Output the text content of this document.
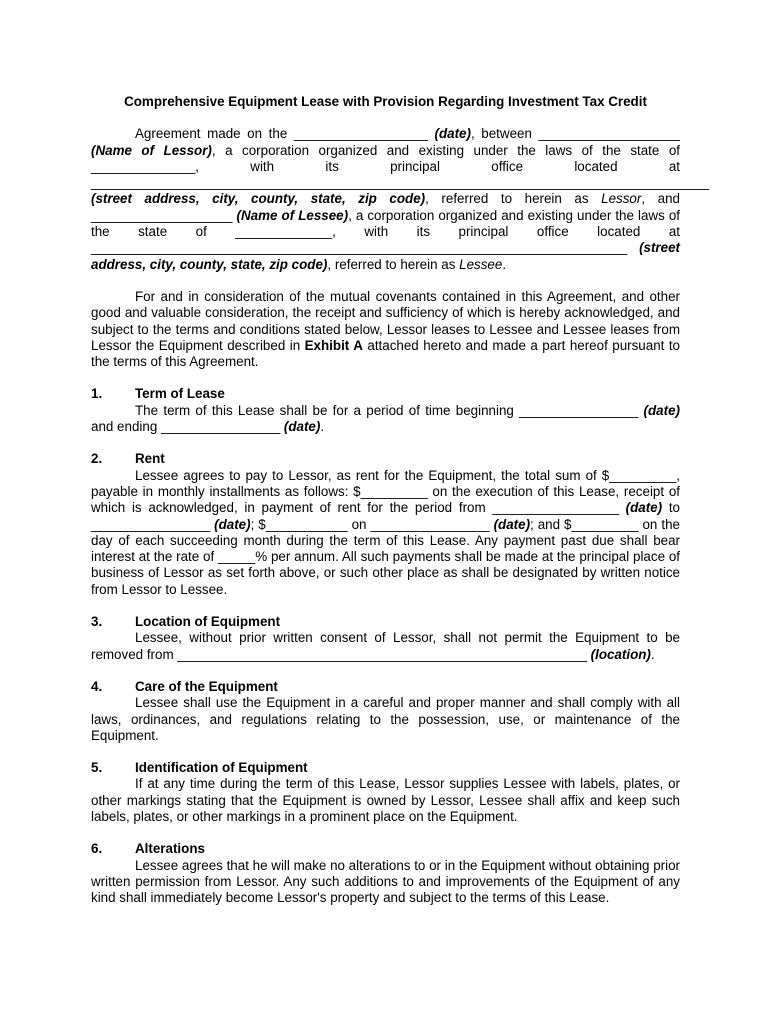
Comprehensive Equipment Lease with Provision Regarding Investment Tax Credit

Agreement made on the __________________ (date), between ___________________ (Name of Lessor), a corporation organized and existing under the laws of the state of ______________, with its principal office located at ___________________________________________________________________________________ (street address, city, county, state, zip code), referred to herein as Lessor, and ___________________ (Name of Lessee), a corporation organized and existing under the laws of the state of _____________, with its principal office located at ________________________________________________________________________ (street address, city, county, state, zip code), referred to herein as Lessee.

For and in consideration of the mutual covenants contained in this Agreement, and other good and valuable consideration, the receipt and sufficiency of which is hereby acknowledged, and subject to the terms and conditions stated below, Lessor leases to Lessee and Lessee leases from Lessor the Equipment described in Exhibit A attached hereto and made a part hereof pursuant to the terms of this Agreement.

1.	Term of Lease

The term of this Lease shall be for a period of time beginning ________________ (date) and ending ________________ (date).

2.	Rent

Lessee agrees to pay to Lessor, as rent for the Equipment, the total sum of $_________, payable in monthly installments as follows: $_________ on the execution of this Lease, receipt of which is acknowledged, in payment of rent for the period from _________________ (date) to ________________ (date); $___________ on ________________ (date); and $_________ on the day of each succeeding month during the term of this Lease. Any payment past due shall bear interest at the rate of _____% per annum. All such payments shall be made at the principal place of business of Lessor as set forth above, or such other place as shall be designated by written notice from Lessor to Lessee.

3.	Location of Equipment

Lessee, without prior written consent of Lessor, shall not permit the Equipment to be removed from _______________________________________________________ (location).

4.	Care of the Equipment

Lessee shall use the Equipment in a careful and proper manner and shall comply with all laws, ordinances, and regulations relating to the possession, use, or maintenance of the Equipment.

5.	Identification of Equipment

If at any time during the term of this Lease, Lessor supplies Lessee with labels, plates, or other markings stating that the Equipment is owned by Lessor, Lessee shall affix and keep such labels, plates, or other markings in a prominent place on the Equipment.

6.	Alterations

Lessee agrees that he will make no alterations to or in the Equipment without obtaining prior written permission from Lessor. Any such additions to and improvements of the Equipment of any kind shall immediately become Lessor's property and subject to the terms of this Lease.
